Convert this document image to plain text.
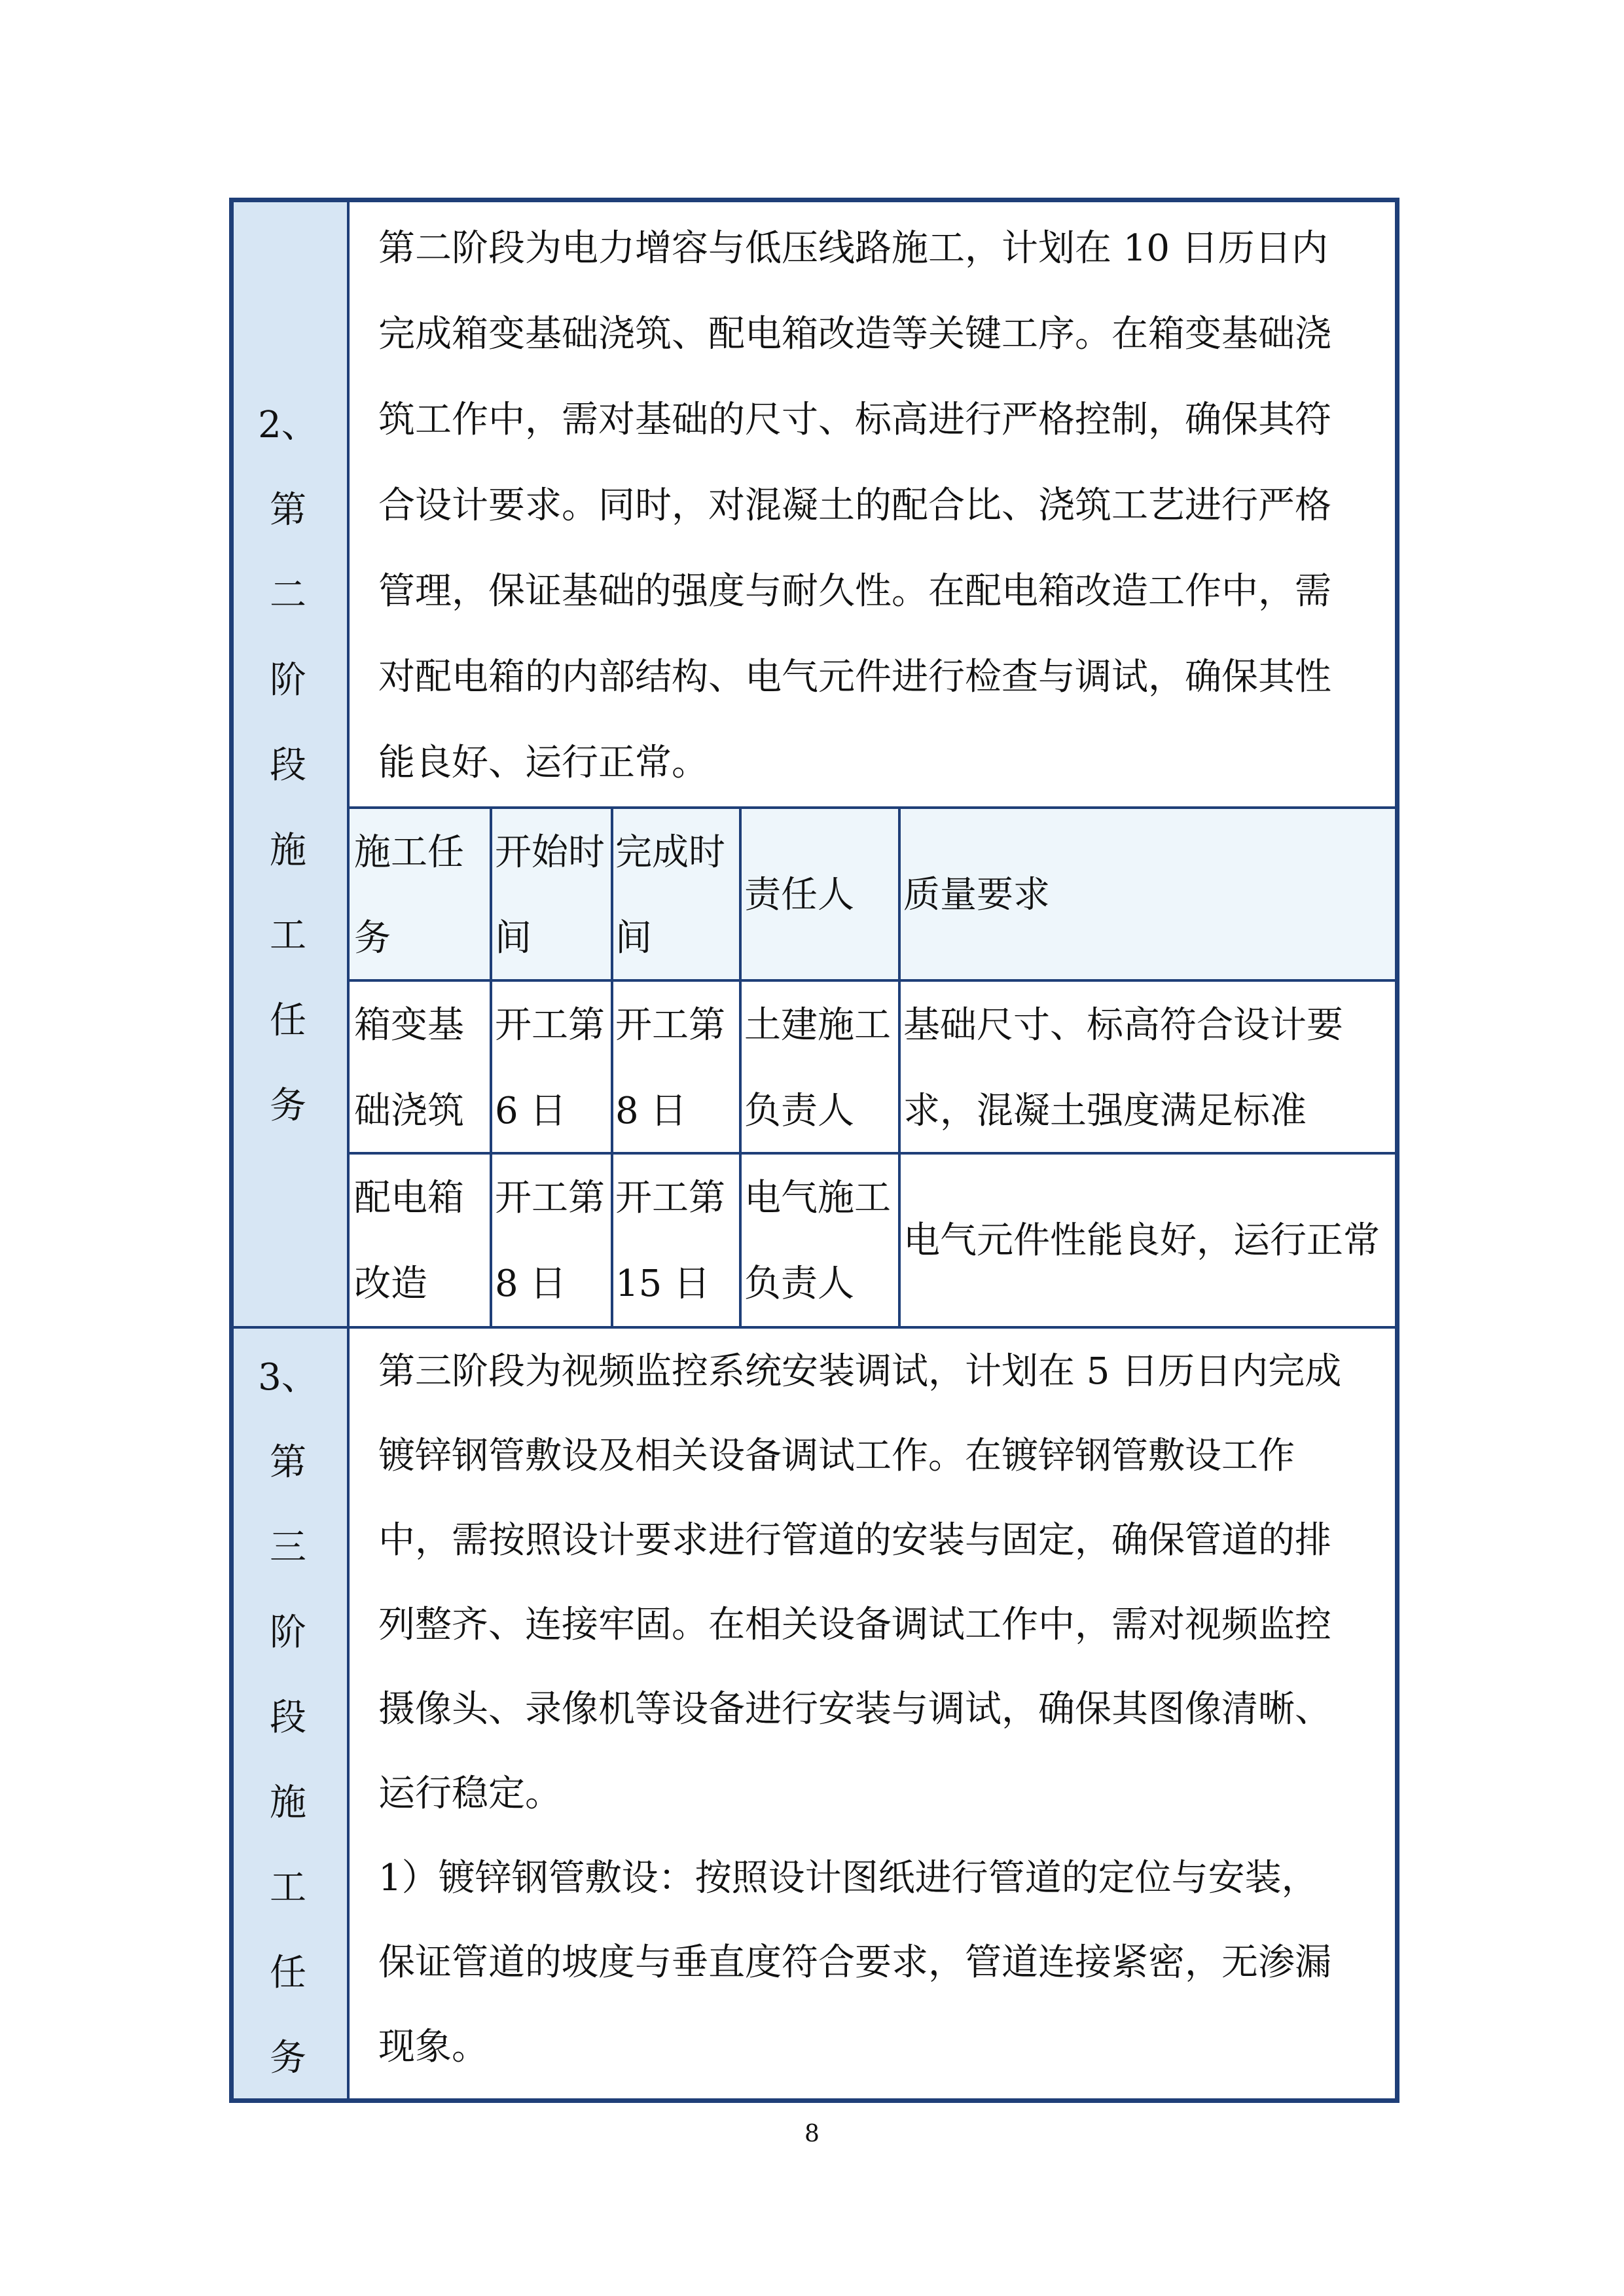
2、
第
二
阶
段
施
工
任
务
第二阶段为电力增容与低压线路施工，计划在 10 日历日内
完成箱变基础浇筑、配电箱改造等关键工序。在箱变基础浇
筑工作中，需对基础的尺寸、标高进行严格控制，确保其符
合设计要求。同时，对混凝土的配合比、浇筑工艺进行严格
管理，保证基础的强度与耐久性。在配电箱改造工作中，需
对配电箱的内部结构、电气元件进行检查与调试，确保其性
能良好、运行正常。
施工任
务
开始时
间
完成时
间
责任人 质量要求
箱变基
础浇筑
开工第
6 日
开工第
8 日
土建施工
负责人
基础尺寸、标高符合设计要
求，混凝土强度满足标准
配电箱
改造
开工第
8 日
开工第
15 日
电气施工
负责人
电气元件性能良好，运行正常
3、
第
三
阶
段
施
工
任
务
第三阶段为视频监控系统安装调试，计划在 5 日历日内完成
镀锌钢管敷设及相关设备调试工作。在镀锌钢管敷设工作
中，需按照设计要求进行管道的安装与固定，确保管道的排
列整齐、连接牢固。在相关设备调试工作中，需对视频监控
摄像头、录像机等设备进行安装与调试，确保其图像清晰、
运行稳定。
1）镀锌钢管敷设：按照设计图纸进行管道的定位与安装，
保证管道的坡度与垂直度符合要求，管道连接紧密，无渗漏
现象。
8
